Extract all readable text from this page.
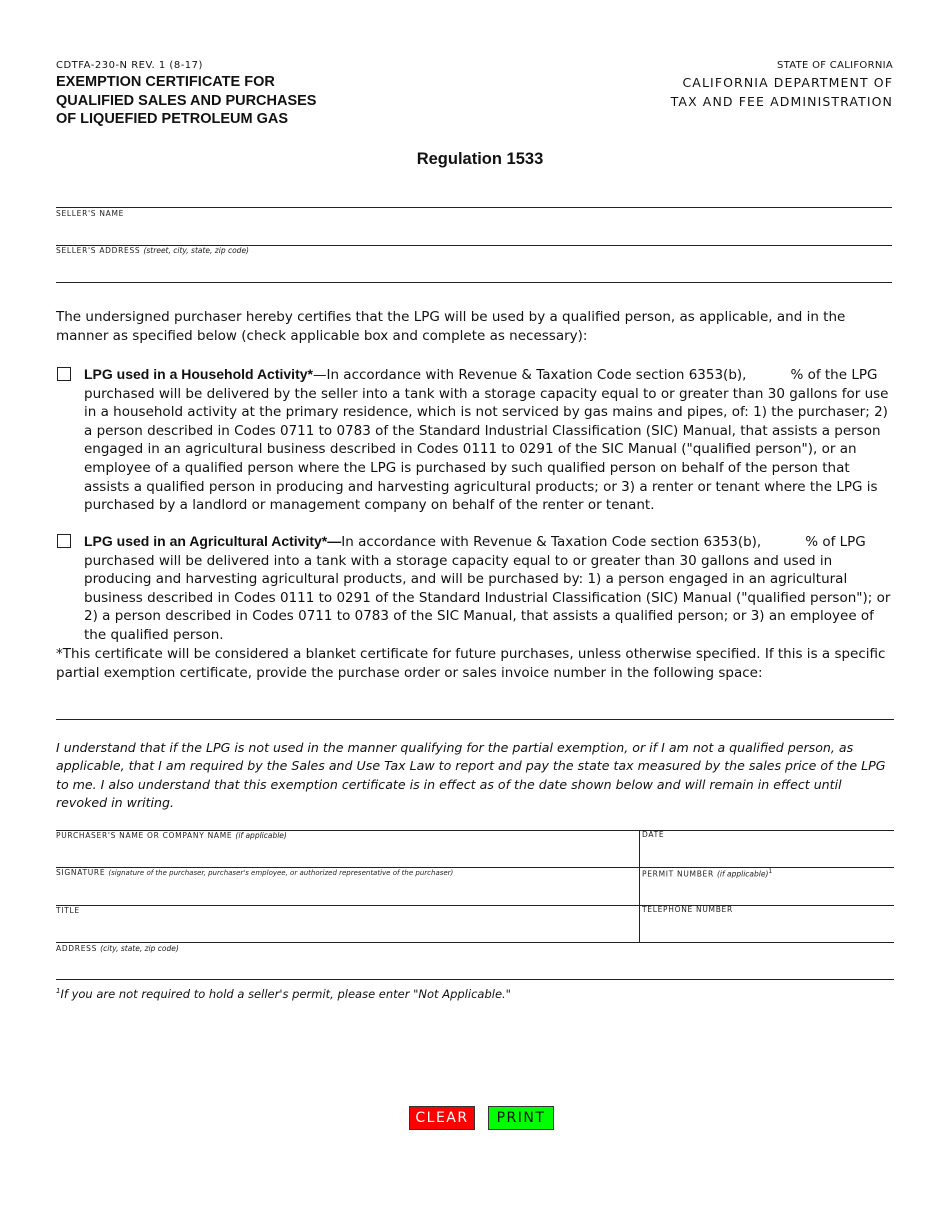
CDTFA-230-N REV. 1 (8-17)
EXEMPTION CERTIFICATE FOR
QUALIFIED SALES AND PURCHASES
OF LIQUEFIED PETROLEUM GAS
STATE OF CALIFORNIA
CALIFORNIA DEPARTMENT OF
TAX AND FEE ADMINISTRATION
Regulation 1533
SELLER'S NAME
SELLER'S ADDRESS (street, city, state, zip code)
The undersigned purchaser hereby certifies that the LPG will be used by a qualified person, as applicable, and in the manner as specified below (check applicable box and complete as necessary):
LPG used in a Household Activity*—In accordance with Revenue & Taxation Code section 6353(b),	% of the LPG purchased will be delivered by the seller into a tank with a storage capacity equal to or greater than 30 gallons for use in a household activity at the primary residence, which is not serviced by gas mains and pipes, of: 1) the purchaser; 2) a person described in Codes 0711 to 0783 of the Standard Industrial Classification (SIC) Manual, that assists a person engaged in an agricultural business described in Codes 0111 to 0291 of the SIC Manual ("qualified person"), or an employee of a qualified person where the LPG is purchased by such qualified person on behalf of the person that assists a qualified person in producing and harvesting agricultural products; or 3) a renter or tenant where the LPG is purchased by a landlord or management company on behalf of the renter or tenant.
LPG used in an Agricultural Activity*—In accordance with Revenue & Taxation Code section 6353(b),	% of LPG purchased will be delivered into a tank with a storage capacity equal to or greater than 30 gallons and used in producing and harvesting agricultural products, and will be purchased by: 1) a person engaged in an agricultural business described in Codes 0111 to 0291 of the Standard Industrial Classification (SIC) Manual ("qualified person"); or 2) a person described in Codes 0711 to 0783 of the SIC Manual, that assists a qualified person; or 3) an employee of the qualified person.
*This certificate will be considered a blanket certificate for future purchases, unless otherwise specified. If this is a specific partial exemption certificate, provide the purchase order or sales invoice number in the following space:
I understand that if the LPG is not used in the manner qualifying for the partial exemption, or if I am not a qualified person, as applicable, that I am required by the Sales and Use Tax Law to report and pay the state tax measured by the sales price of the LPG to me. I also understand that this exemption certificate is in effect as of the date shown below and will remain in effect until revoked in writing.
PURCHASER'S NAME OR COMPANY NAME (if applicable)	DATE
SIGNATURE (signature of the purchaser, purchaser's employee, or authorized representative of the purchaser)	PERMIT NUMBER (if applicable)$^1$
TITLE	TELEPHONE NUMBER
ADDRESS (city, state, zip code)
$^1$If you are not required to hold a seller's permit, please enter "Not Applicable."
CLEAR	PRINT
